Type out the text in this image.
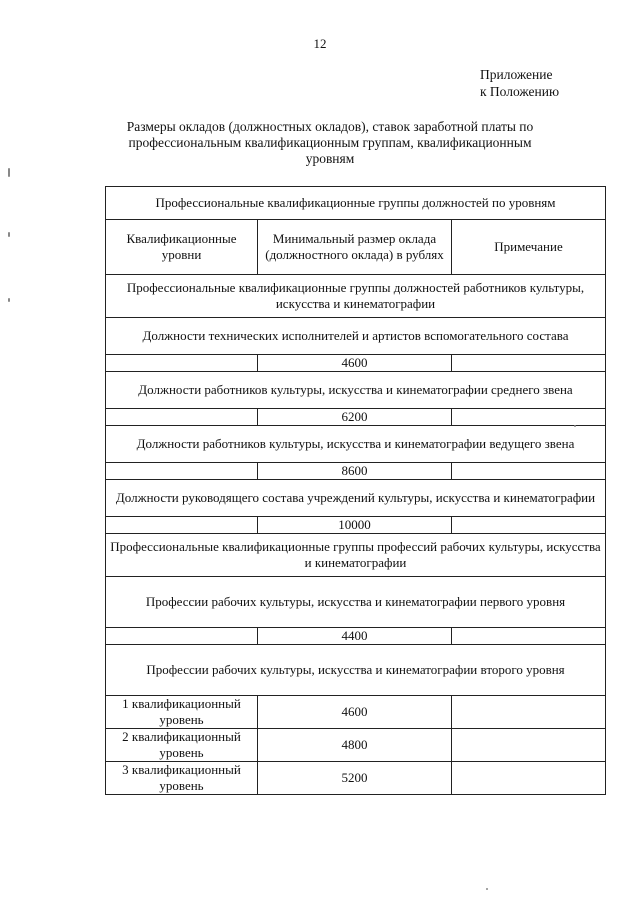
12
Приложение
к Положению
Размеры окладов (должностных окладов), ставок заработной платы по профессиональным квалификационным группам, квалификационным уровням
Профессиональные квалификационные группы должностей по уровням		
Квалификационные уровни	Минимальный размер оклада (должностного оклада) в рублях	Примечание
Профессиональные квалификационные группы должностей работников культуры, искусства и кинематографии		
Должности технических исполнителей и артистов вспомогательного состава		
	4600	
Должности работников культуры, искусства и кинематографии среднего звена		
	6200	
Должности работников культуры, искусства и кинематографии ведущего звена		
	8600	
Должности руководящего состава учреждений культуры, искусства и кинематографии		
	10000	
Профессиональные квалификационные группы профессий рабочих культуры, искусства и кинематографии		
Профессии рабочих культуры, искусства и кинематографии первого уровня		
	4400	
Профессии рабочих культуры, искусства и кинематографии второго уровня		
1 квалификационный уровень	4600	
2 квалификационный уровень	4800	
3 квалификационный уровень	5200	
